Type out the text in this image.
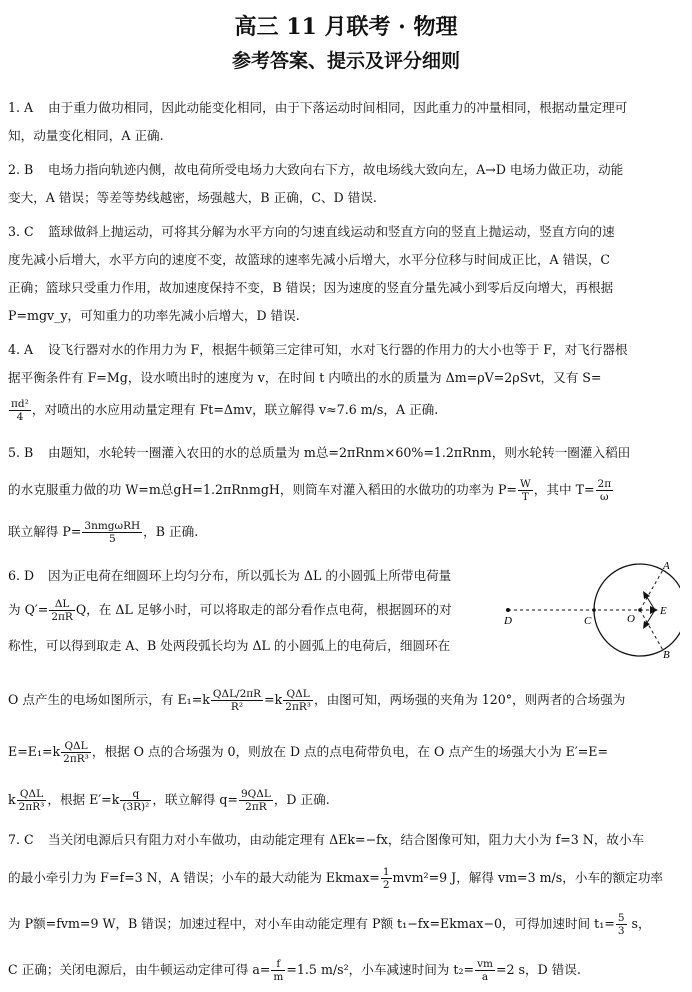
高三 11 月联考 · 物理
参考答案、提示及评分细则
1. A 由于重力做功相同，因此动能变化相同，由于下落运动时间相同，因此重力的冲量相同，根据动量定理可
知，动量变化相同，A 正确.
2. B 电场力指向轨迹内侧，故电荷所受电场力大致向右下方，故电场线大致向左，A→D 电场力做正功，动能
变大，A 错误；等差等势线越密，场强越大，B 正确，C、D 错误.
3. C 篮球做斜上抛运动，可将其分解为水平方向的匀速直线运动和竖直方向的竖直上抛运动，竖直方向的速
度先减小后增大，水平方向的速度不变，故篮球的速率先减小后增大，水平分位移与时间成正比，A 错误，C
正确；篮球只受重力作用，故加速度保持不变，B 错误；因为速度的竖直分量先减小到零后反向增大，再根据
P=mgv_y，可知重力的功率先减小后增大，D 错误.
4. A 设飞行器对水的作用力为 F，根据牛顿第三定律可知，水对飞行器的作用力的大小也等于 F，对飞行器根
据平衡条件有 F=Mg，设水喷出时的速度为 v，在时间 t 内喷出的水的质量为 Δm=ρV=2ρSvt，又有 S=
$\frac{\text{πd²}}{4}$ ，对喷出的水应用动量定理有 Ft=Δmv，联立解得 v≈7.6 m/s，A 正确.
5. B 由题知，水轮转一圈灌入农田的水的总质量为 m总=2πRnm×60%=1.2πRnm，则水轮转一圈灌入稻田
的水克服重力做的功 W=m总gH=1.2πRnmgH，则筒车对灌入稻田的水做功的功率为 $P= \frac{W}{T}$ ，其中 $T= \frac{2\pi}{\omega}$
联立解得 $P= \frac{\text{3nmgωRH}}{5}$ ，B 正确.
6. D 因为正电荷在细圆环上均匀分布，所以弧长为 ΔL 的小圆弧上所带电荷量
为 $Q'= \frac{\Delta L}{2\pi R}$ Q，在 ΔL 足够小时，可以将取走的部分看作点电荷，根据圆环的对
称性，可以得到取走 A、B 处两段弧长均为 ΔL 的小圆弧上的电荷后，细圆环在
O 点产生的电场如图所示，有 $E_1=k \frac{\text{QΔL/2πR}}{\text{R²}} =k \frac{\text{QΔL}}{\text{2πR³}}$ ，由图可知，两场强的夹角为 120°，则两者的合场强为
$E=E_1=k \frac{\text{QΔL}}{\text{2πR³}}$ ，根据 O 点的合场强为 0，则放在 D 点的点电荷带负电，在 O 点产生的场强大小为 E′=E=
k $\frac{\text{QΔL}}{\text{2πR³}}$ ，根据 $E'=k \frac{q}{\text{(3R)²}}$ ，联立解得 $q= \frac{\text{9QΔL}}{2\pi R}$ ，D 正确.
D	C	O
E
A
B
7. C 当关闭电源后只有阻力对小车做功，由动能定理有 ΔEk=−fx，结合图像可知，阻力大小为 f=3 N，故小车
的最小牵引力为 F=f=3 N，A 错误；小车的最大动能为 $Ekmax= \frac{1}{2} mvm^2=9$ J，解得 vm=3 m/s，小车的额定功率
为 P额=fvm=9 W，B 错误；加速过程中，对小车由动能定理有 P额 t₁−fx=Ekmax−0，可得加速时间 $t_1= \frac{5}{3}$ s，
C 正确；关闭电源后，由牛顿运动定律可得 $a= \frac{f}{m} =1.5$ m/s²，小车减速时间为 $t_2= \frac{vm}{a} =2$ s，D 错误.
